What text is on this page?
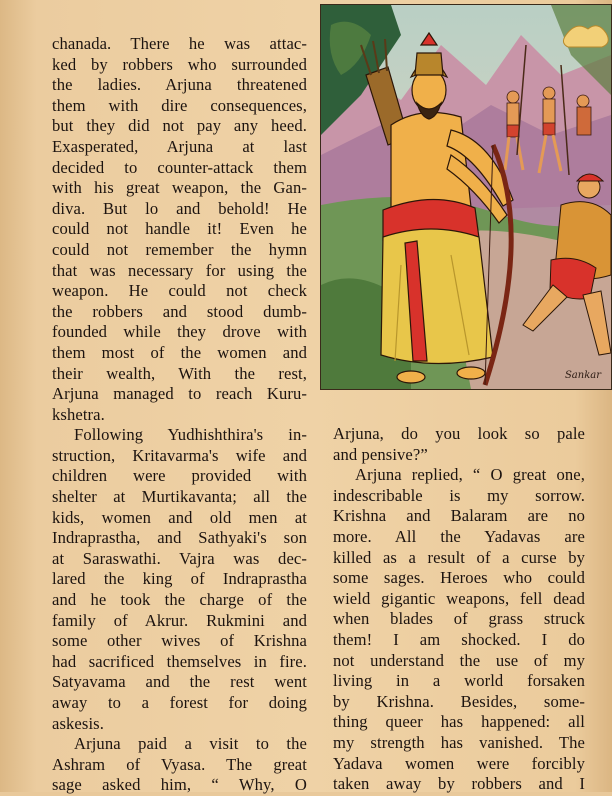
chanada. There he was attac-
ked by robbers who surrounded
the ladies. Arjuna threatened
them with dire consequences,
but they did not pay any heed.
Exasperated, Arjuna at last
decided to counter-attack them
with his great weapon, the Gan-
diva. But lo and behold! He
could not handle it! Even he
could not remember the hymn
that was necessary for using the
weapon. He could not check
the robbers and stood dumb-
founded while they drove with
them most of the women and
their wealth, With the rest,
Arjuna managed to reach Kuru-
kshetra.
Following Yudhishthira's in-
struction, Kritavarma's wife and
children were provided with
shelter at Murtikavanta; all the
kids, women and old men at
Indraprastha, and Sathyaki's son
at Saraswathi. Vajra was dec-
lared the king of Indraprastha
and he took the charge of the
family of Akrur. Rukmini and
some other wives of Krishna
had sacrificed themselves in fire.
Satyavama and the rest went
away to a forest for doing
askesis.
Arjuna paid a visit to the
Ashram of Vyasa. The great
sage asked him, “ Why, O
Sankar
Arjuna, do you look so pale
and pensive?”
Arjuna replied, “ O great one,
indescribable is my sorrow.
Krishna and Balaram are no
more. All the Yadavas are
killed as a result of a curse by
some sages. Heroes who could
wield gigantic weapons, fell dead
when blades of grass struck
them! I am shocked. I do
not understand the use of my
living in a world forsaken
by Krishna. Besides, some-
thing queer has happened: all
my strength has vanished. The
Yadava women were forcibly
taken away by robbers and I
